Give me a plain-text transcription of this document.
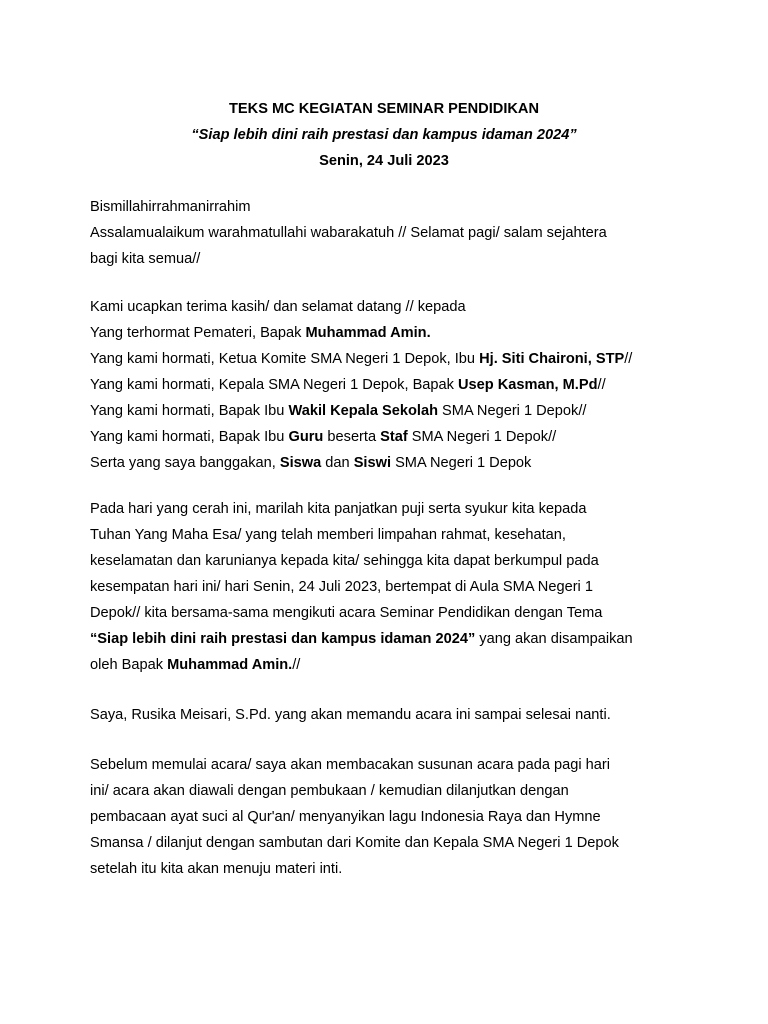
TEKS MC KEGIATAN SEMINAR PENDIDIKAN
“Siap lebih dini raih prestasi dan kampus idaman 2024”
Senin, 24 Juli 2023
Bismillahirrahmanirrahim
Assalamualaikum warahmatullahi wabarakatuh // Selamat pagi/ salam sejahtera
bagi kita semua//
Kami ucapkan terima kasih/ dan selamat datang // kepada
Yang terhormat Pemateri, Bapak Muhammad Amin.
Yang kami hormati, Ketua Komite SMA Negeri 1 Depok, Ibu Hj. Siti Chaironi, STP//
Yang kami hormati, Kepala SMA Negeri 1 Depok, Bapak Usep Kasman, M.Pd//
Yang kami hormati, Bapak Ibu Wakil Kepala Sekolah SMA Negeri 1 Depok//
Yang kami hormati, Bapak Ibu Guru beserta Staf SMA Negeri 1 Depok//
Serta yang saya banggakan, Siswa dan Siswi SMA Negeri 1 Depok
Pada hari yang cerah ini, marilah kita panjatkan puji serta syukur kita kepada
Tuhan Yang Maha Esa/ yang telah memberi limpahan rahmat, kesehatan,
keselamatan dan karunianya kepada kita/ sehingga kita dapat berkumpul pada
kesempatan hari ini/ hari Senin, 24 Juli 2023, bertempat di Aula SMA Negeri 1
Depok// kita bersama-sama mengikuti acara Seminar Pendidikan dengan Tema
“Siap lebih dini raih prestasi dan kampus idaman 2024” yang akan disampaikan
oleh Bapak Muhammad Amin.//
Saya, Rusika Meisari, S.Pd. yang akan memandu acara ini sampai selesai nanti.
Sebelum memulai acara/ saya akan membacakan susunan acara pada pagi hari
ini/ acara akan diawali dengan pembukaan / kemudian dilanjutkan dengan
pembacaan ayat suci al Qur'an/ menyanyikan lagu Indonesia Raya dan Hymne
Smansa / dilanjut dengan sambutan dari Komite dan Kepala SMA Negeri 1 Depok
setelah itu kita akan menuju materi inti.
